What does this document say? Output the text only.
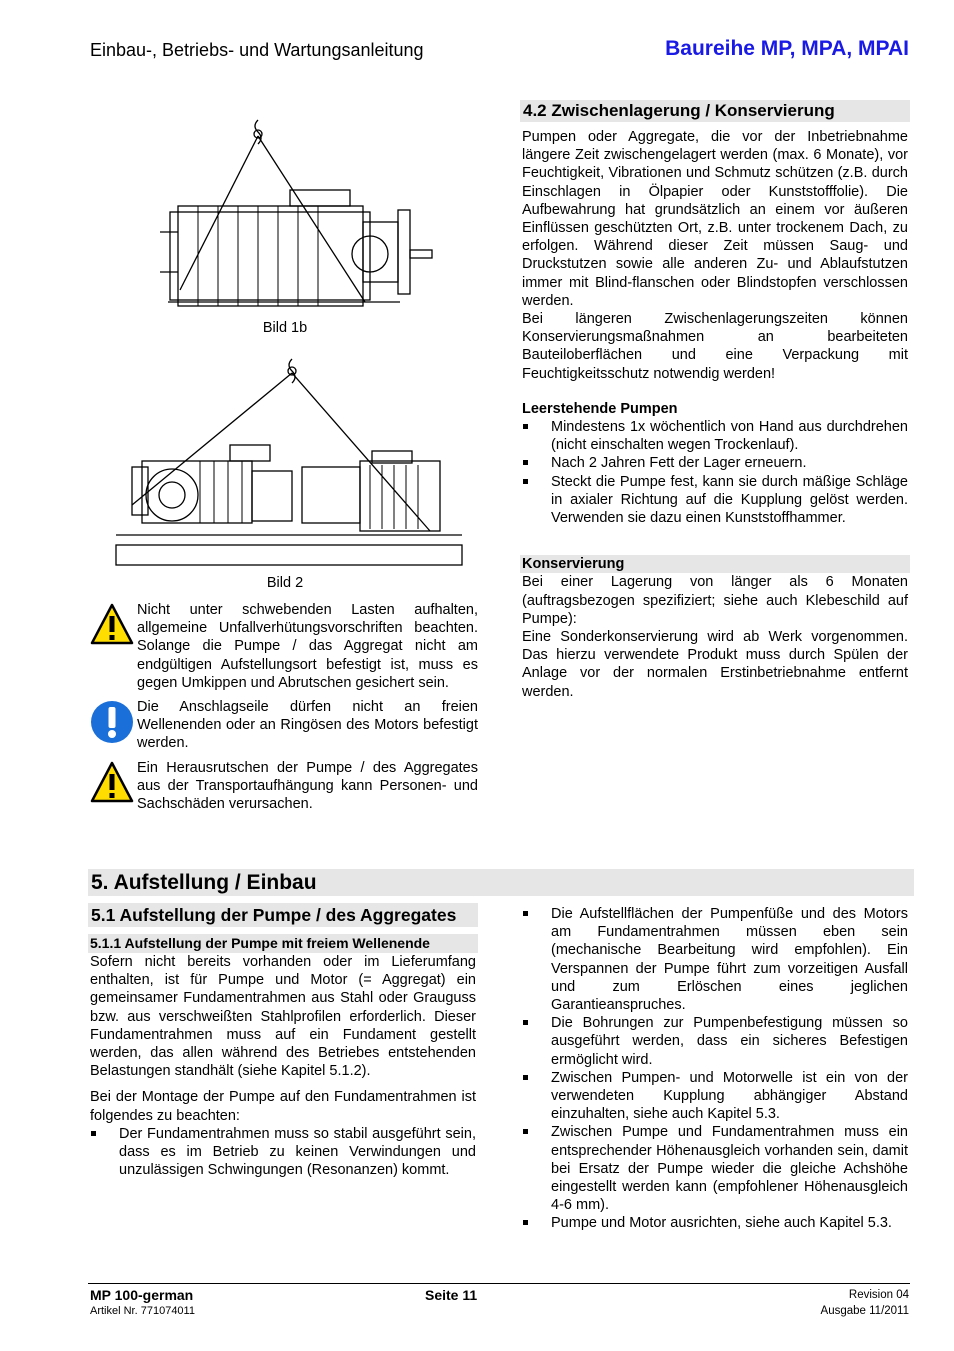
Einbau-, Betriebs- und Wartungsanleitung	Baureihe MP, MPA, MPAI
Bild 1b
Bild 2
Nicht unter schwebenden Lasten aufhalten, allgemeine Unfallverhütungsvorschriften beachten. Solange die Pumpe / das Aggregat nicht am endgültigen Aufstellungsort befestigt ist, muss es gegen Umkippen und Abrutschen gesichert sein.
Die Anschlagseile dürfen nicht an freien Wellenenden oder an Ringösen des Motors befestigt werden.
Ein Herausrutschen der Pumpe / des Aggregates aus der Transportaufhängung kann Personen- und Sachschäden verursachen.
4.2 Zwischenlagerung / Konservierung
Pumpen oder Aggregate, die vor der Inbetriebnahme längere Zeit zwischengelagert werden (max. 6 Monate), vor Feuchtigkeit, Vibrationen und Schmutz schützen (z.B. durch Einschlagen in Ölpapier oder Kunststofffolie). Die Aufbewahrung hat grundsätzlich an einem vor äußeren Einflüssen geschützten Ort, z.B. unter trockenem Dach, zu erfolgen. Während dieser Zeit müssen Saug- und Druckstutzen sowie alle anderen Zu- und Ablaufstutzen immer mit Blind-flanschen oder Blindstopfen verschlossen werden.
Bei längeren Zwischenlagerungszeiten können Konservierungsmaßnahmen an bearbeiteten Bauteiloberflächen und eine Verpackung mit Feuchtigkeitsschutz notwendig werden!
Leerstehende Pumpen
Mindestens 1x wöchentlich von Hand aus durchdrehen (nicht einschalten wegen Trockenlauf).
Nach 2 Jahren Fett der Lager erneuern.
Steckt die Pumpe fest, kann sie durch mäßige Schläge in axialer Richtung auf die Kupplung gelöst werden. Verwenden sie dazu einen Kunststoffhammer.
Konservierung
Bei einer Lagerung von länger als 6 Monaten (auftragsbezogen spezifiziert; siehe auch Klebeschild auf Pumpe):
Eine Sonderkonservierung wird ab Werk vorgenommen. Das hierzu verwendete Produkt muss durch Spülen der Anlage vor der normalen Erstinbetriebnahme entfernt werden.
5. Aufstellung / Einbau
5.1 Aufstellung der Pumpe / des Aggregates
5.1.1 Aufstellung der Pumpe mit freiem Wellenende
Sofern nicht bereits vorhanden oder im Lieferumfang enthalten, ist für Pumpe und Motor (= Aggregat) ein gemeinsamer Fundamentrahmen aus Stahl oder Grauguss bzw. aus verschweißten Stahlprofilen erforderlich. Dieser Fundamentrahmen muss auf ein Fundament gestellt werden, das allen während des Betriebes entstehenden Belastungen standhält (siehe Kapitel 5.1.2).
Bei der Montage der Pumpe auf den Fundamentrahmen ist folgendes zu beachten:
Der Fundamentrahmen muss so stabil ausgeführt sein, dass es im Betrieb zu keinen Verwindungen und unzulässigen Schwingungen (Resonanzen) kommt.
Die Aufstellflächen der Pumpenfüße und des Motors am Fundamentrahmen müssen eben sein (mechanische Bearbeitung wird empfohlen). Ein Verspannen der Pumpe führt zum vorzeitigen Ausfall und zum Erlöschen eines jeglichen Garantieanspruches.
Die Bohrungen zur Pumpenbefestigung müssen so ausgeführt werden, dass ein sicheres Befestigen ermöglicht wird.
Zwischen Pumpen- und Motorwelle ist ein von der verwendeten Kupplung abhängiger Abstand einzuhalten, siehe auch Kapitel 5.3.
Zwischen Pumpe und Fundamentrahmen muss ein entsprechender Höhenausgleich vorhanden sein, damit bei Ersatz der Pumpe wieder die gleiche Achshöhe eingestellt werden kann (empfohlener Höhenausgleich 4-6 mm).
Pumpe und Motor ausrichten, siehe auch Kapitel 5.3.
MP 100-german
Artikel Nr. 771074011
Seite 11	Revision 04
Ausgabe 11/2011
